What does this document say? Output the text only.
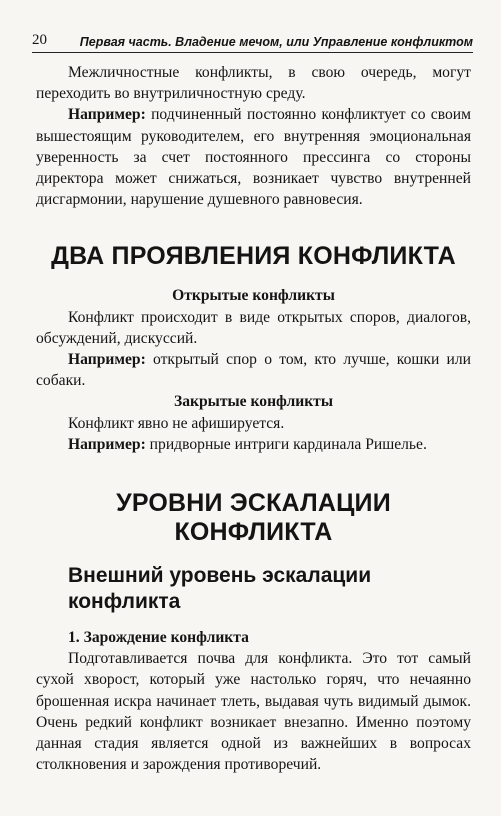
20	Первая часть. Владение мечом, или Управление конфликтом

Межличностные конфликты, в свою очередь, могут переходить во внутриличностную среду.

Например: подчиненный постоянно конфликтует со своим вышестоящим руководителем, его внутренняя эмоциональная уверенность за счет постоянного прессинга со стороны директора может снижаться, возникает чувство внутренней дисгармонии, нарушение душевного равновесия.

ДВА ПРОЯВЛЕНИЯ КОНФЛИКТА
Открытые конфликты

Конфликт происходит в виде открытых споров, диалогов, обсуждений, дискуссий.

Например: открытый спор о том, кто лучше, кошки или собаки.

Закрытые конфликты

Конфликт явно не афишируется.

Например: придворные интриги кардинала Ришелье.

УРОВНИ ЭСКАЛАЦИИ КОНФЛИКТА
Внешний уровень эскалации конфликта
1. Зарождение конфликта

Подготавливается почва для конфликта. Это тот самый сухой хворост, который уже настолько горяч, что нечаянно брошенная искра начинает тлеть, выдавая чуть видимый дымок. Очень редкий конфликт возникает внезапно. Именно поэтому данная стадия является одной из важнейших в вопросах столкновения и зарождения противоречий.
